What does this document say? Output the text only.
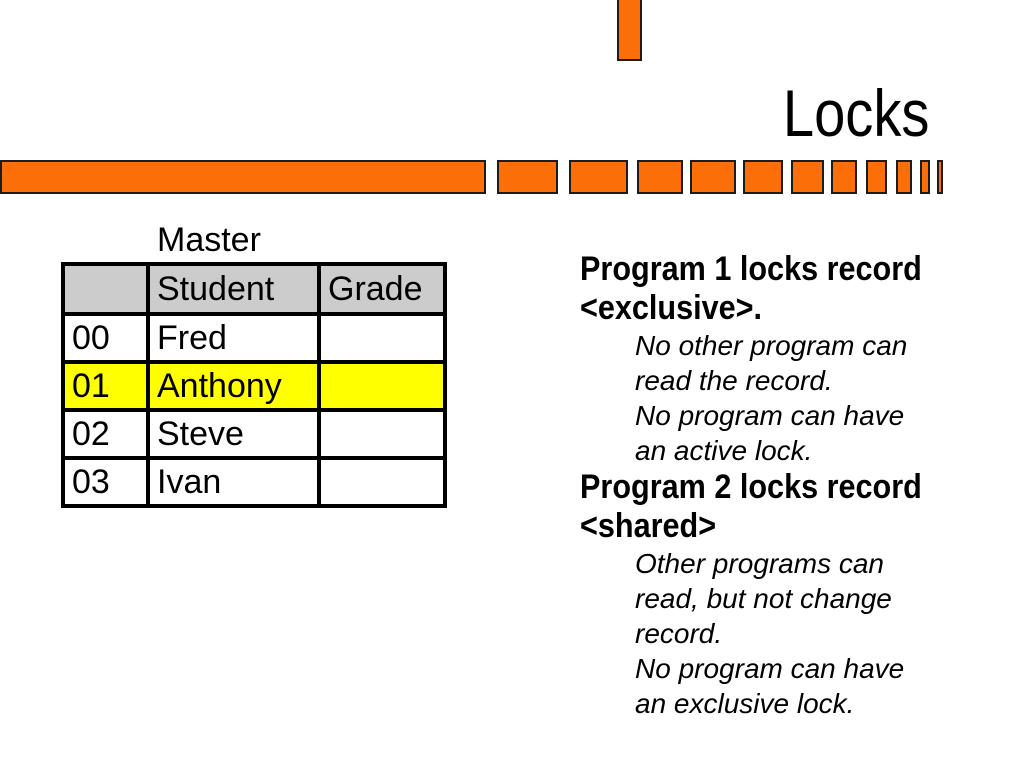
Locks
Master
	Student	Grade
00	Fred	
01	Anthony	
02	Steve	
03	Ivan	
Program 1 locks record
<exclusive>.
No other program can
read the record.
No program can have
an active lock.
Program 2 locks record
<shared>
Other programs can
read, but not change
record.
No program can have
an exclusive lock.
